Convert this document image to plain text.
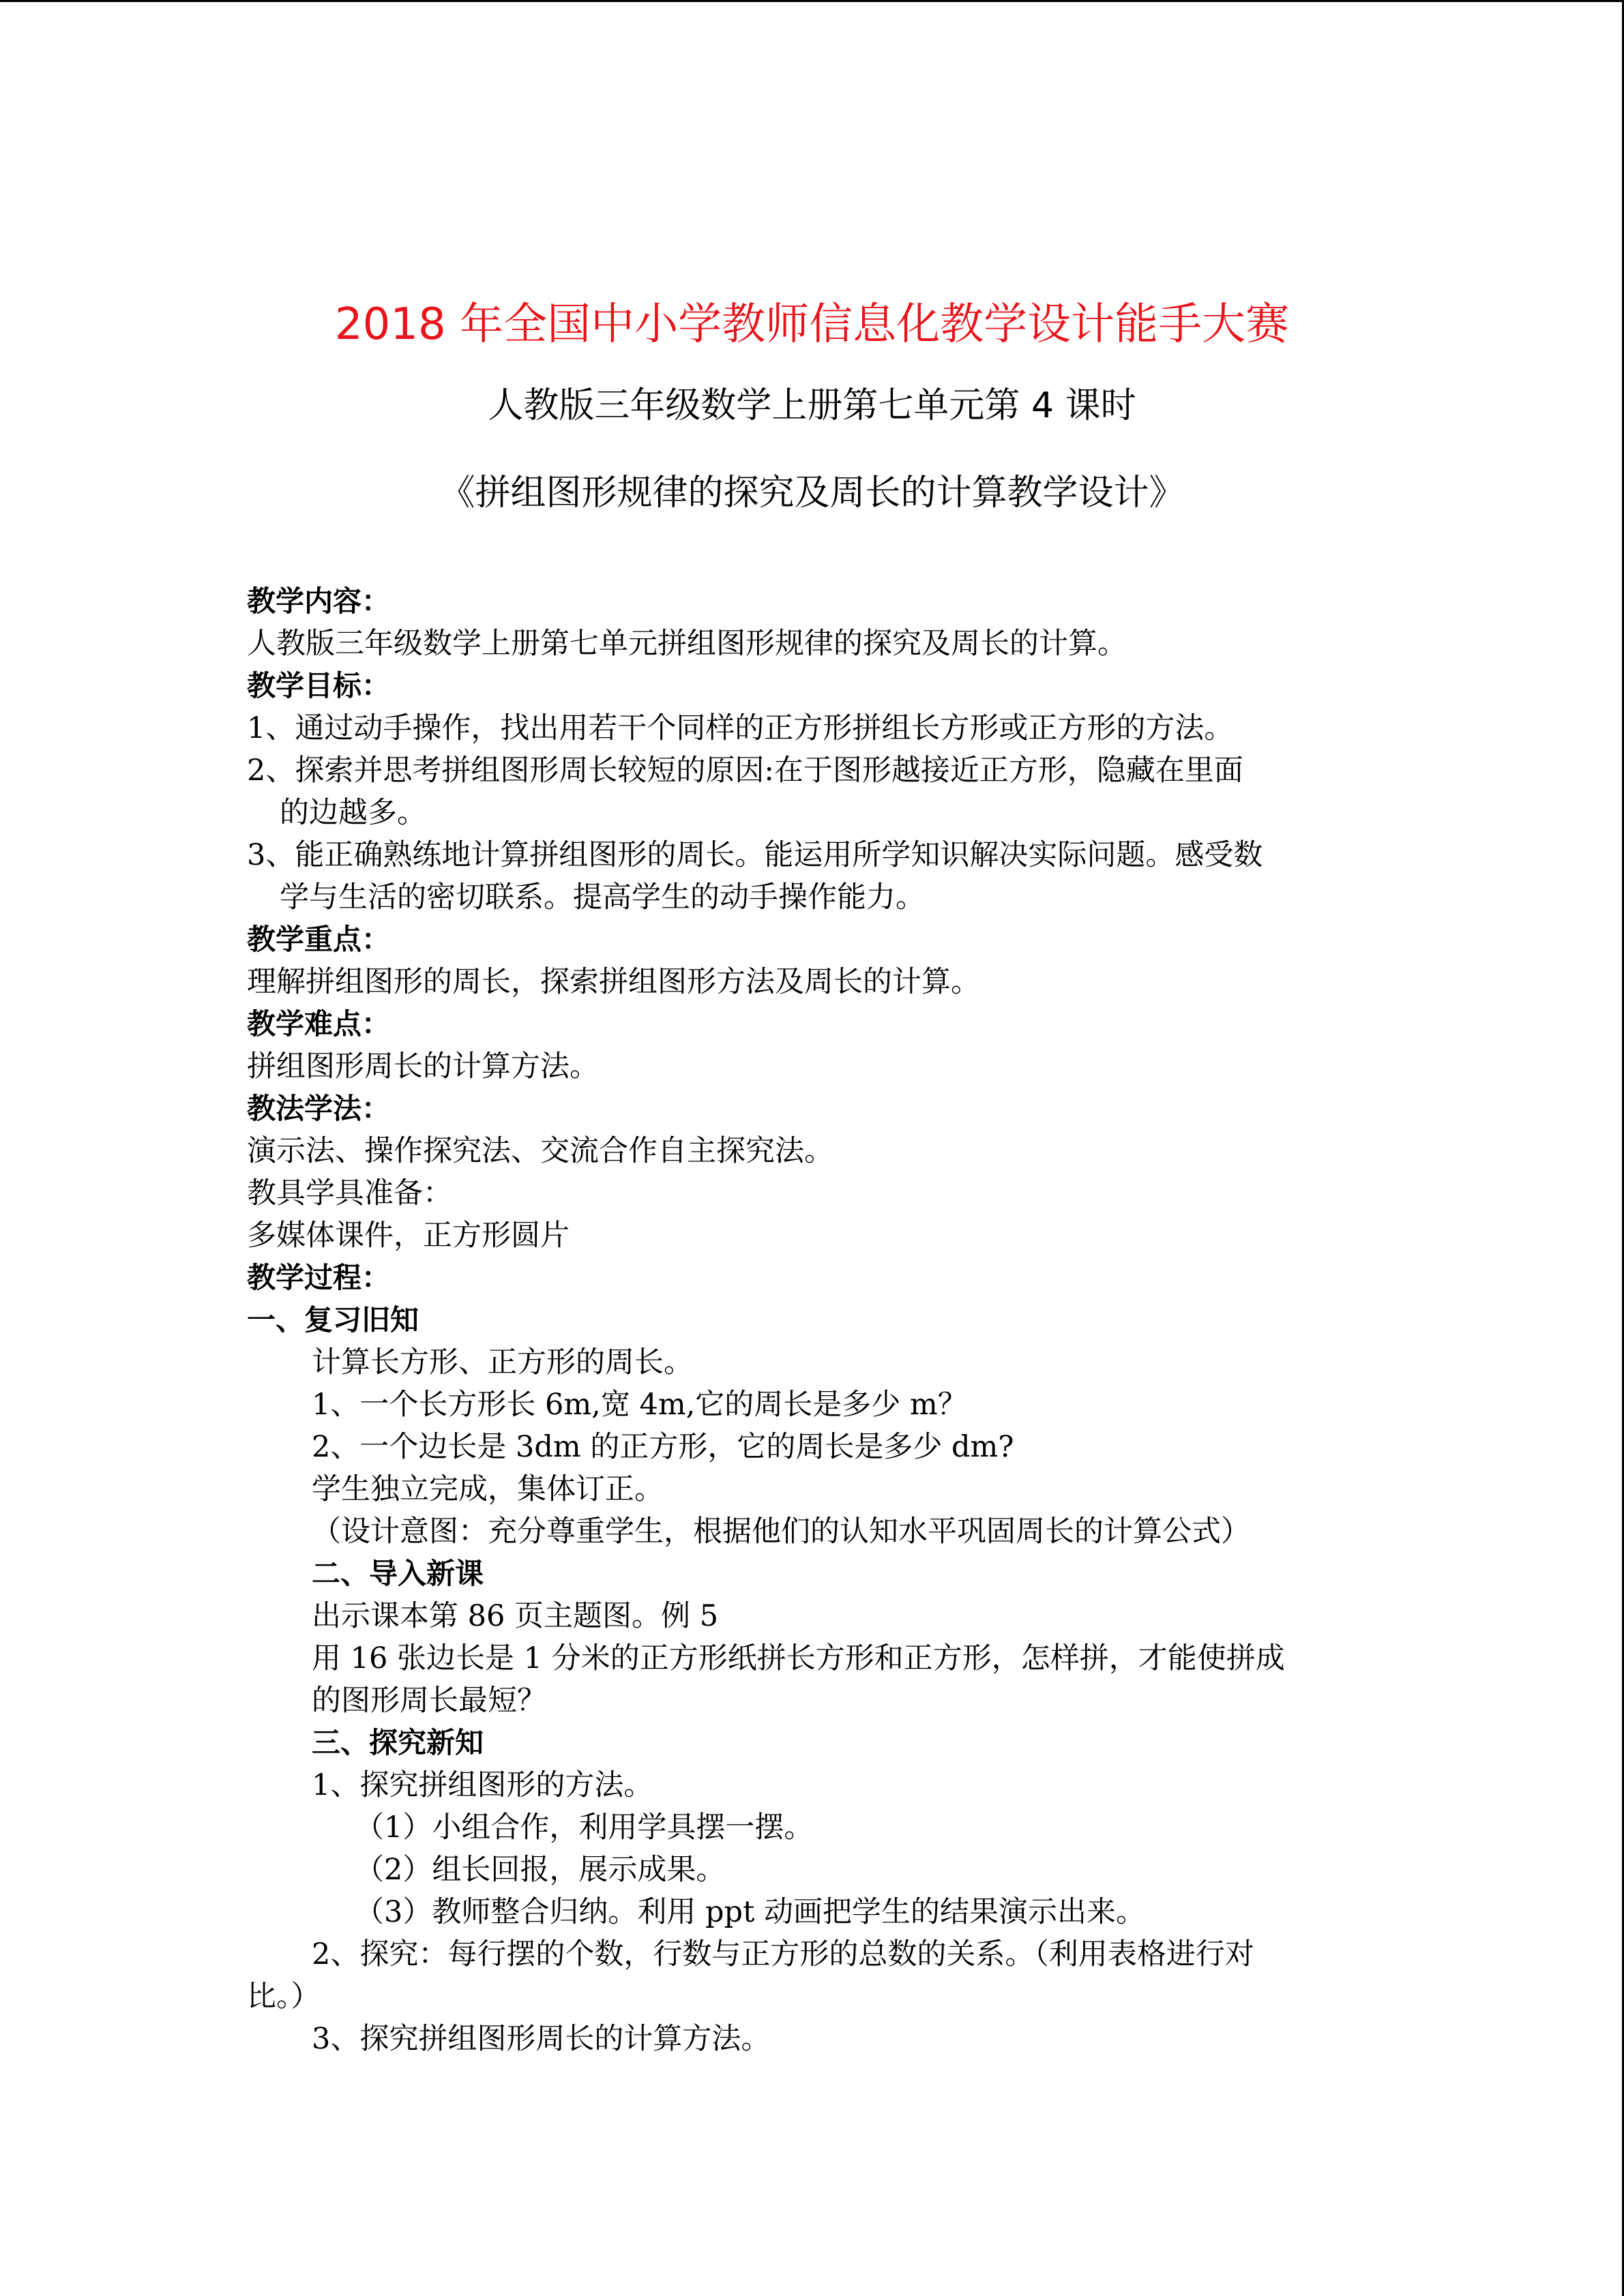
2018 年全国中小学教师信息化教学设计能手大赛
人教版三年级数学上册第七单元第 4 课时
《拼组图形规律的探究及周长的计算教学设计》
教学内容：
人教版三年级数学上册第七单元拼组图形规律的探究及周长的计算。
教学目标：
1、通过动手操作，找出用若干个同样的正方形拼组长方形或正方形的方法。
2、探索并思考拼组图形周长较短的原因:在于图形越接近正方形，隐藏在里面
的边越多。
3、能正确熟练地计算拼组图形的周长。能运用所学知识解决实际问题。感受数
学与生活的密切联系。提高学生的动手操作能力。
教学重点：
理解拼组图形的周长，探索拼组图形方法及周长的计算。
教学难点：
拼组图形周长的计算方法。
教法学法：
演示法、操作探究法、交流合作自主探究法。
教具学具准备：
多媒体课件，正方形圆片
教学过程：
一、复习旧知
计算长方形、正方形的周长。
1、一个长方形长 6m,宽 4m,它的周长是多少 m？
2、一个边长是 3dm 的正方形，它的周长是多少 dm?
学生独立完成，集体订正。
（设计意图：充分尊重学生，根据他们的认知水平巩固周长的计算公式）
二、导入新课
出示课本第 86 页主题图。例 5
用 16 张边长是 1 分米的正方形纸拼长方形和正方形，怎样拼，才能使拼成
的图形周长最短？
三、探究新知
1、探究拼组图形的方法。
（1）小组合作，利用学具摆一摆。
（2）组长回报，展示成果。
（3）教师整合归纳。利用 ppt 动画把学生的结果演示出来。
2、探究：每行摆的个数，行数与正方形的总数的关系。（利用表格进行对
比。）
3、探究拼组图形周长的计算方法。
